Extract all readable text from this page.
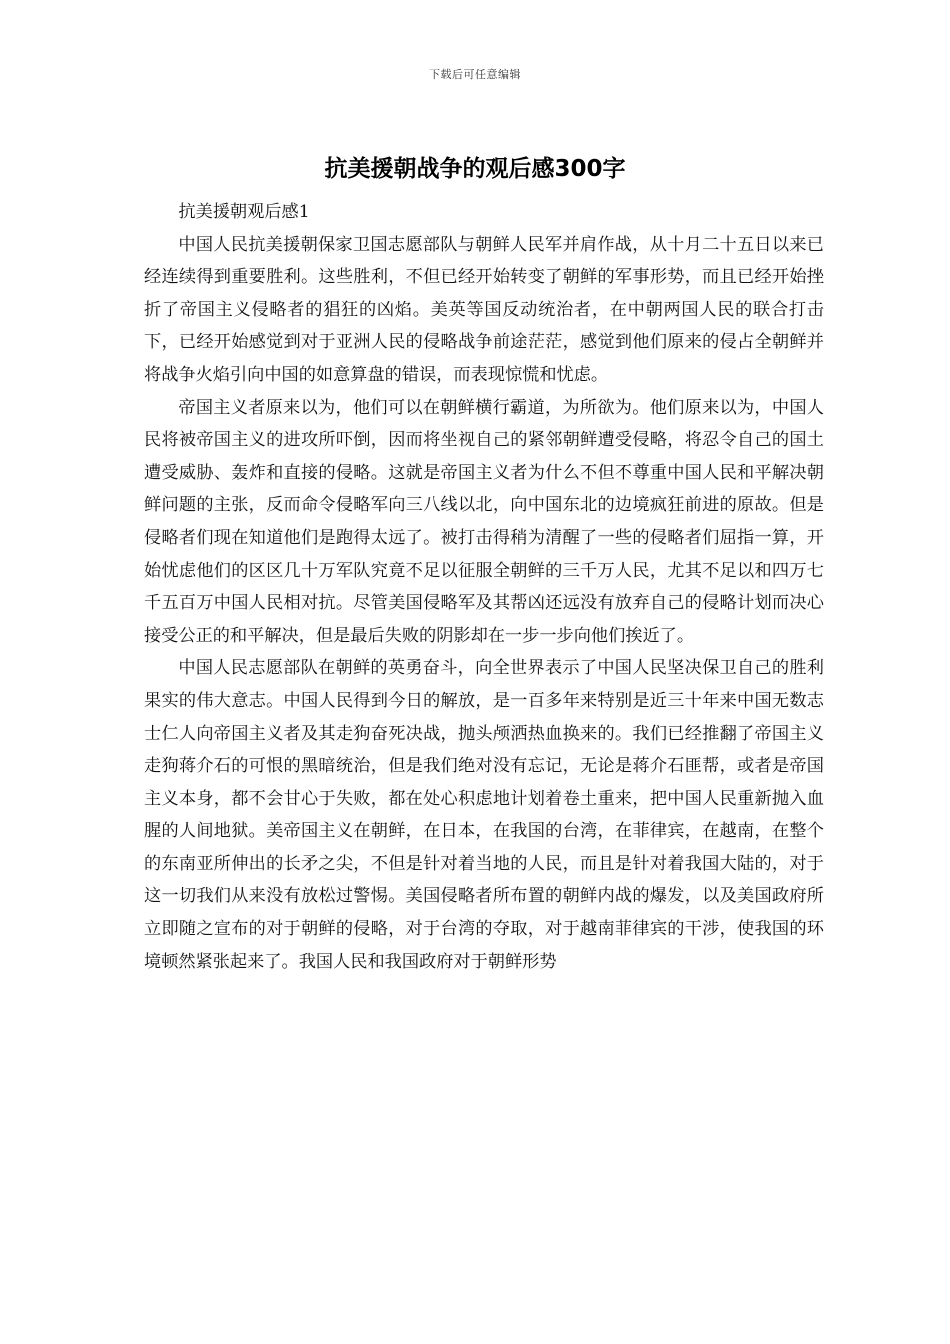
下载后可任意编辑
抗美援朝战争的观后感300字

抗美援朝观后感1

中国人民抗美援朝保家卫国志愿部队与朝鲜人民军并肩作战，从十月二十五日以来已经连续得到重要胜利。这些胜利，不但已经开始转变了朝鲜的军事形势，而且已经开始挫折了帝国主义侵略者的猖狂的凶焰。美英等国反动统治者，在中朝两国人民的联合打击下，已经开始感觉到对于亚洲人民的侵略战争前途茫茫，感觉到他们原来的侵占全朝鲜并将战争火焰引向中国的如意算盘的错误，而表现惊慌和忧虑。

帝国主义者原来以为，他们可以在朝鲜横行霸道，为所欲为。他们原来以为，中国人民将被帝国主义的进攻所吓倒，因而将坐视自己的紧邻朝鲜遭受侵略，将忍令自己的国土遭受威胁、轰炸和直接的侵略。这就是帝国主义者为什么不但不尊重中国人民和平解决朝鲜问题的主张，反而命令侵略军向三八线以北，向中国东北的边境疯狂前进的原故。但是侵略者们现在知道他们是跑得太远了。被打击得稍为清醒了一些的侵略者们屈指一算，开始忧虑他们的区区几十万军队究竟不足以征服全朝鲜的三千万人民，尤其不足以和四万七千五百万中国人民相对抗。尽管美国侵略军及其帮凶还远没有放弃自己的侵略计划而决心接受公正的和平解决，但是最后失败的阴影却在一步一步向他们挨近了。

中国人民志愿部队在朝鲜的英勇奋斗，向全世界表示了中国人民坚决保卫自己的胜利果实的伟大意志。中国人民得到今日的解放，是一百多年来特别是近三十年来中国无数志士仁人向帝国主义者及其走狗奋死决战，抛头颅洒热血换来的。我们已经推翻了帝国主义走狗蒋介石的可恨的黑暗统治，但是我们绝对没有忘记，无论是蒋介石匪帮，或者是帝国主义本身，都不会甘心于失败，都在处心积虑地计划着卷土重来，把中国人民重新抛入血腥的人间地狱。美帝国主义在朝鲜，在日本，在我国的台湾，在菲律宾，在越南，在整个的东南亚所伸出的长矛之尖，不但是针对着当地的人民，而且是针对着我国大陆的，对于这一切我们从来没有放松过警惕。美国侵略者所布置的朝鲜内战的爆发，以及美国政府所立即随之宣布的对于朝鲜的侵略，对于台湾的夺取，对于越南菲律宾的干涉，使我国的环境顿然紧张起来了。我国人民和我国政府对于朝鲜形势
